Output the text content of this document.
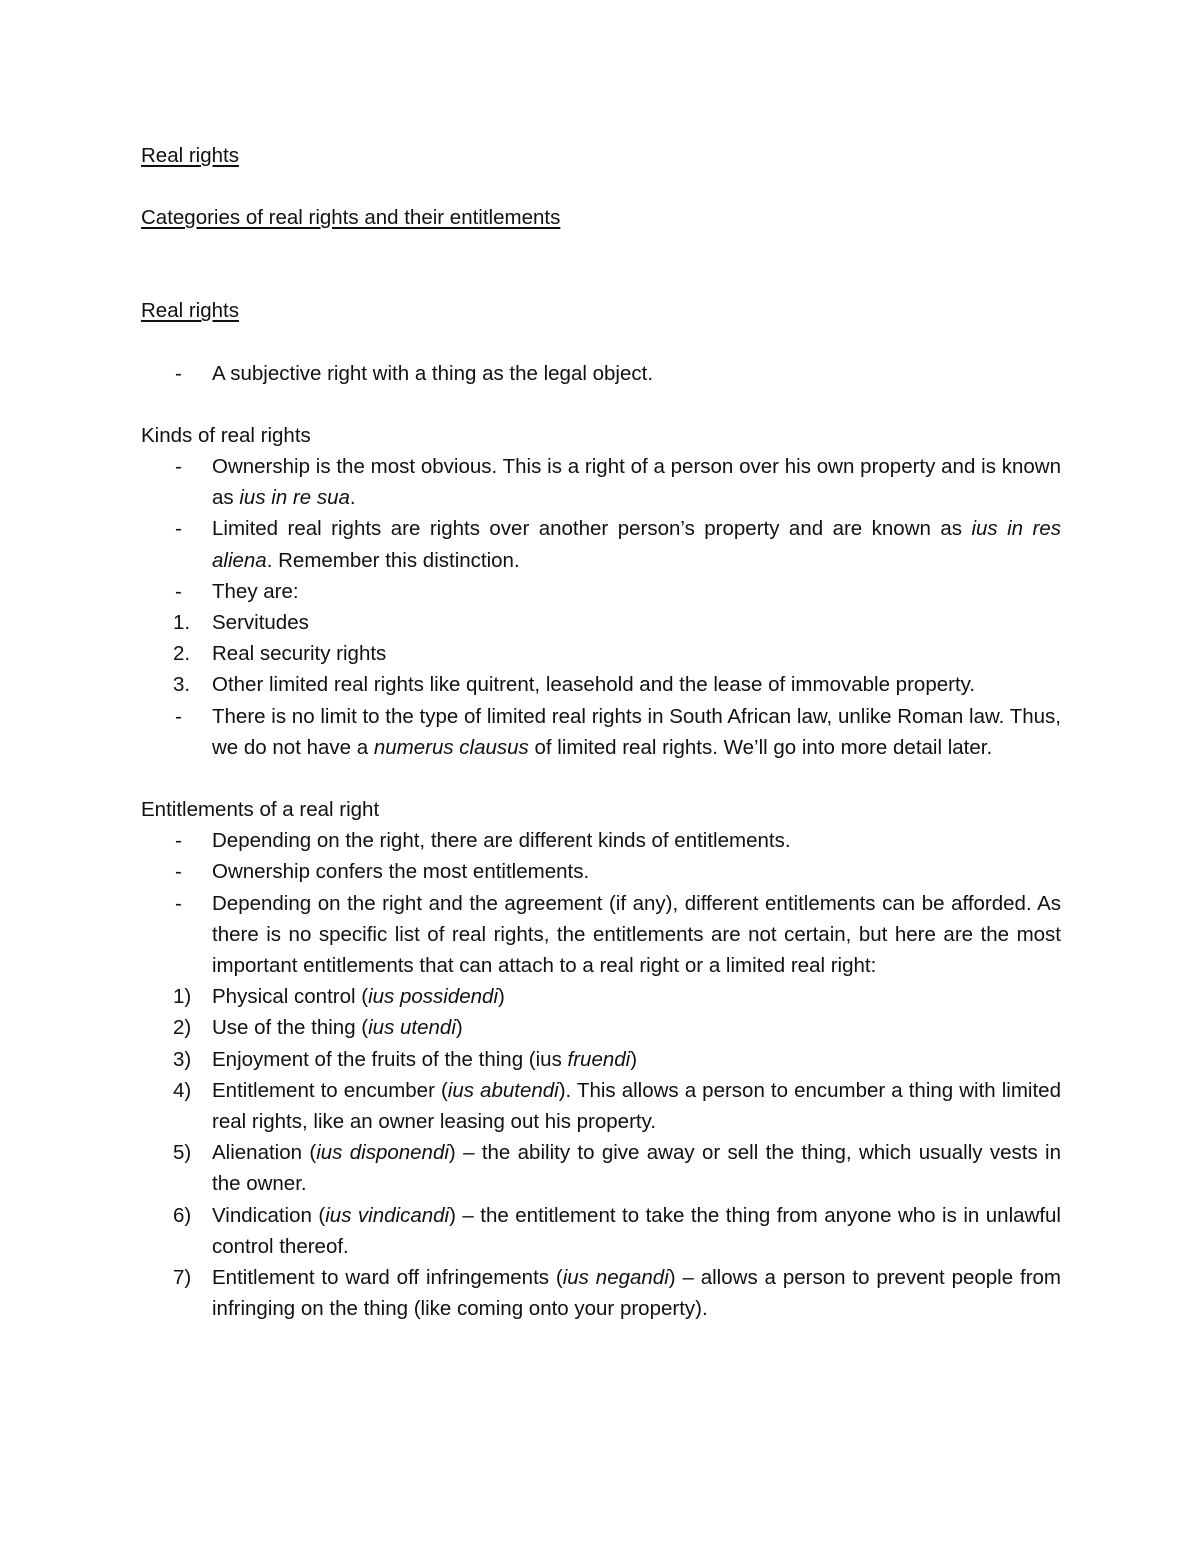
Real rights

Categories of real rights and their entitlements

Real rights

-	A subjective right with a thing as the legal object.

Kinds of real rights

-	Ownership is the most obvious. This is a right of a person over his own property and is known as ius in re sua.
-	Limited real rights are rights over another person’s property and are known as ius in res aliena. Remember this distinction.
-	They are:
1.	Servitudes
2.	Real security rights
3.	Other limited real rights like quitrent, leasehold and the lease of immovable property.
-	There is no limit to the type of limited real rights in South African law, unlike Roman law. Thus, we do not have a numerus clausus of limited real rights. We’ll go into more detail later.

Entitlements of a real right

-	Depending on the right, there are different kinds of entitlements.
-	Ownership confers the most entitlements.
-	Depending on the right and the agreement (if any), different entitlements can be afforded. As there is no specific list of real rights, the entitlements are not certain, but here are the most important entitlements that can attach to a real right or a limited real right:
1)	Physical control (ius possidendi)
2)	Use of the thing (ius utendi)
3)	Enjoyment of the fruits of the thing (ius fruendi)
4)	Entitlement to encumber (ius abutendi). This allows a person to encumber a thing with limited real rights, like an owner leasing out his property.
5)	Alienation (ius disponendi) – the ability to give away or sell the thing, which usually vests in the owner.
6)	Vindication (ius vindicandi) – the entitlement to take the thing from anyone who is in unlawful control thereof.
7)	Entitlement to ward off infringements (ius negandi) – allows a person to prevent people from infringing on the thing (like coming onto your property).
